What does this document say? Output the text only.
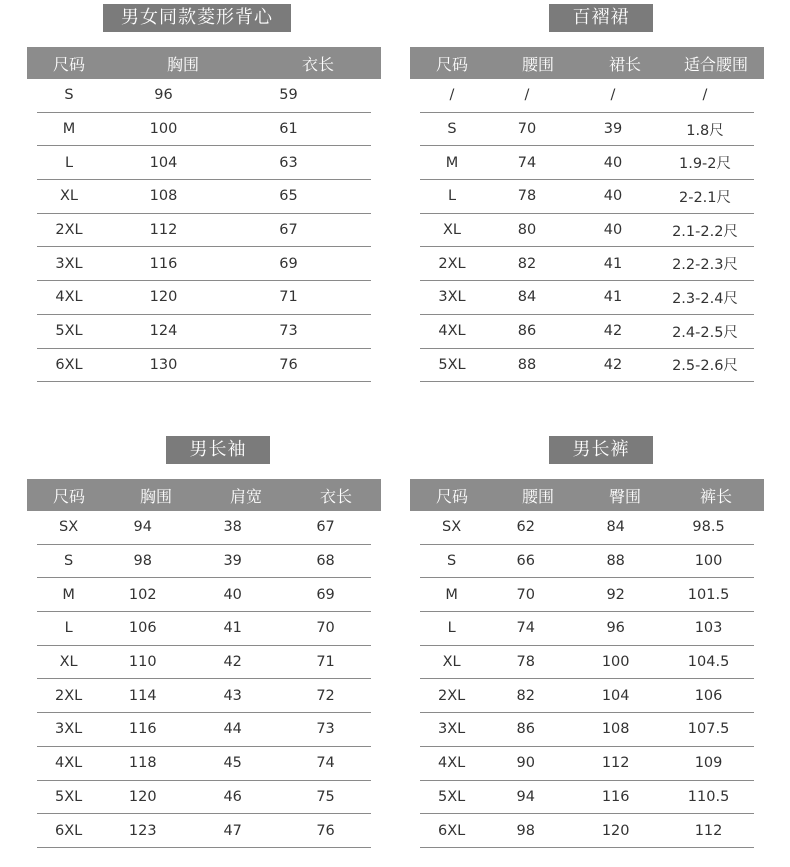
男女同款菱形背心
尺码	胸围	衣长
S	96	59
M	100	61
L	104	63
XL	108	65
2XL	112	67
3XL	116	69
4XL	120	71
5XL	124	73
6XL	130	76
百褶裙
尺码	腰围	裙长	适合腰围
/	/	/	/
S	70	39	1.8尺
M	74	40	1.9-2尺
L	78	40	2-2.1尺
XL	80	40	2.1-2.2尺
2XL	82	41	2.2-2.3尺
3XL	84	41	2.3-2.4尺
4XL	86	42	2.4-2.5尺
5XL	88	42	2.5-2.6尺
男长袖
尺码	胸围	肩宽	衣长
SX	94	38	67
S	98	39	68
M	102	40	69
L	106	41	70
XL	110	42	71
2XL	114	43	72
3XL	116	44	73
4XL	118	45	74
5XL	120	46	75
6XL	123	47	76
男长裤
尺码	腰围	臀围	裤长
SX	62	84	98.5
S	66	88	100
M	70	92	101.5
L	74	96	103
XL	78	100	104.5
2XL	82	104	106
3XL	86	108	107.5
4XL	90	112	109
5XL	94	116	110.5
6XL	98	120	112
